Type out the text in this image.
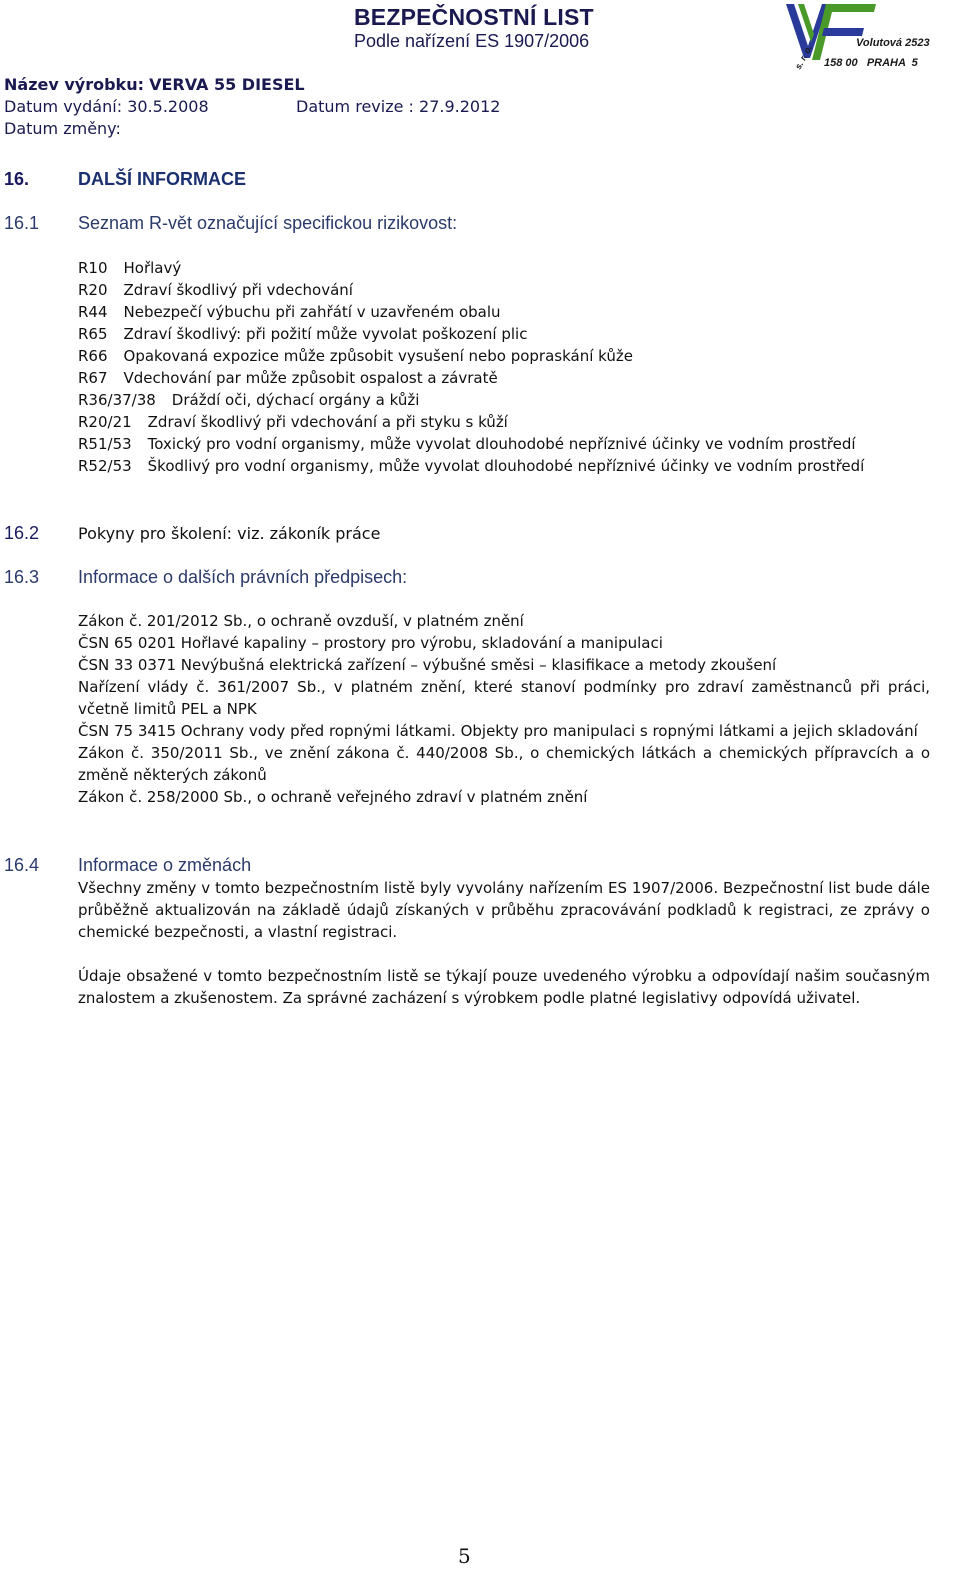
BEZPEČNOSTNÍ LIST
Podle nařízení ES 1907/2006
s. r. o.
Volutová 2523
158 00   PRAHA  5
Název výrobku: VERVA 55 DIESEL
Datum vydání: 30.5.2008	Datum revize : 27.9.2012
Datum změny:
16.	DALŠÍ INFORMACE
16.1 Seznam R-vět označující specifickou rizikovost:
R10 Hořlavý
R20 Zdraví škodlivý při vdechování
R44 Nebezpečí výbuchu při zahřátí v uzavřeném obalu
R65 Zdraví škodlivý: při požití může vyvolat poškození plic
R66 Opakovaná expozice může způsobit vysušení nebo popraskání kůže
R67 Vdechování par může způsobit ospalost a závratě
R36/37/38 Dráždí oči, dýchací orgány a kůži
R20/21 Zdraví škodlivý při vdechování a při styku s kůží
R51/53 Toxický pro vodní organismy, může vyvolat dlouhodobé nepříznivé účinky ve vodním prostředí
R52/53 Škodlivý pro vodní organismy, může vyvolat dlouhodobé nepříznivé účinky ve vodním prostředí
16.2 Pokyny pro školení: viz. zákoník práce
16.3 Informace o dalších právních předpisech:

Zákon č. 201/2012 Sb., o ochraně ovzduší, v platném znění

ČSN 65 0201 Hořlavé kapaliny – prostory pro výrobu, skladování a manipulaci

ČSN 33 0371 Nevýbušná elektrická zařízení – výbušné směsi – klasifikace a metody zkoušení

Nařízení vlády č. 361/2007 Sb., v platném znění, které stanoví podmínky pro zdraví zaměstnanců při práci, včetně limitů PEL a NPK

ČSN 75 3415 Ochrany vody před ropnými látkami. Objekty pro manipulaci s ropnými látkami a jejich skladování

Zákon č. 350/2011 Sb., ve znění zákona č. 440/2008 Sb., o chemických látkách a chemických přípravcích a o změně některých zákonů

Zákon č. 258/2000 Sb., o ochraně veřejného zdraví v platném znění

16.4 Informace o změnách
Všechny změny v tomto bezpečnostním listě byly vyvolány nařízením ES 1907/2006. Bezpečnostní list bude dále průběžně aktualizován na základě údajů získaných v průběhu zpracovávání podkladů k registraci, ze zprávy o chemické bezpečnosti, a vlastní registraci.
Údaje obsažené v tomto bezpečnostním listě se týkají pouze uvedeného výrobku a odpovídají našim současným znalostem a zkušenostem. Za správné zacházení s výrobkem podle platné legislativy odpovídá uživatel.
5
